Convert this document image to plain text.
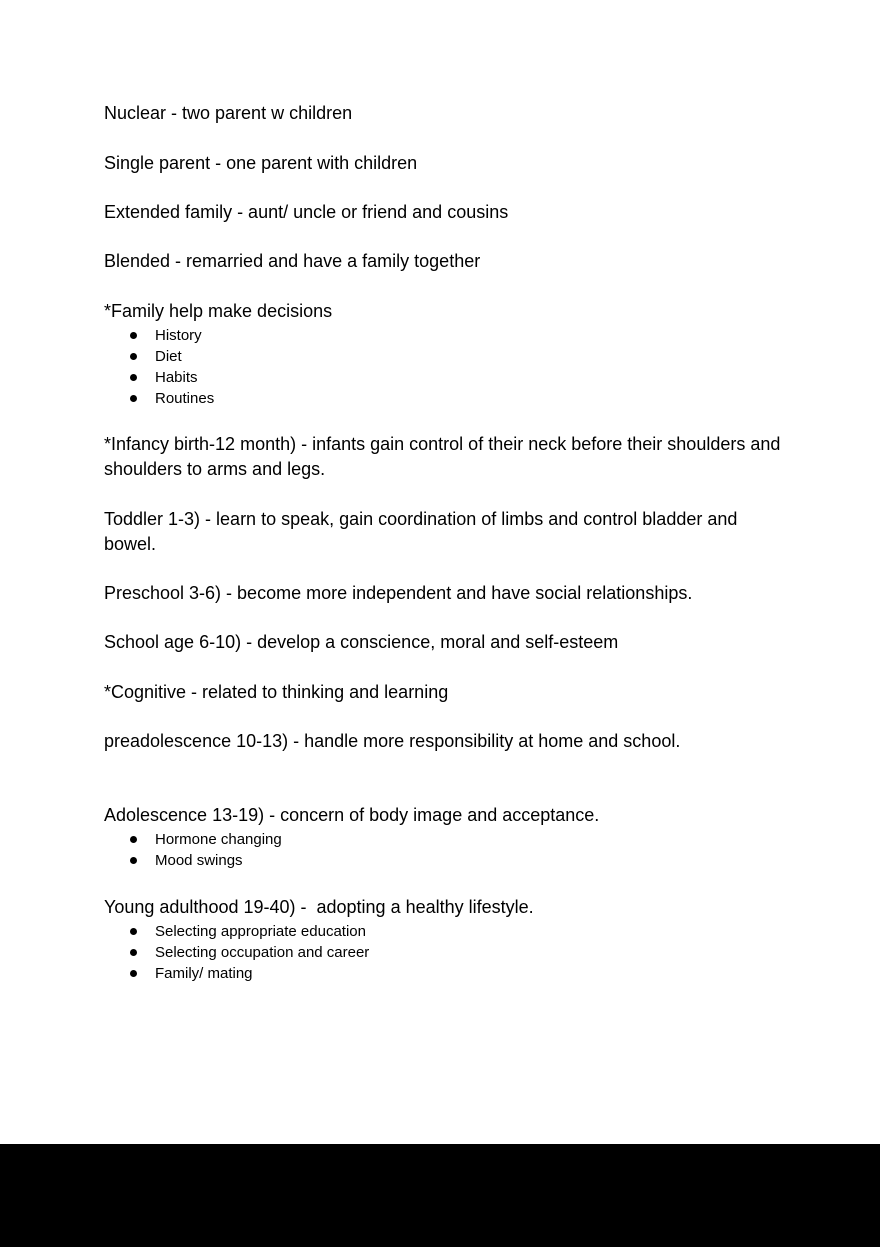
Nuclear - two parent w children
Single parent - one parent with children
Extended family - aunt/ uncle or friend and cousins
Blended - remarried and have a family together
*Family help make decisions
History
Diet
Habits
Routines
*Infancy birth-12 month) - infants gain control of their neck before their shoulders and shoulders to arms and legs.
Toddler 1-3) - learn to speak, gain coordination of limbs and control bladder and bowel.
Preschool 3-6) - become more independent and have social relationships.
School age 6-10) - develop a conscience, moral and self-esteem
*Cognitive - related to thinking and learning
preadolescence 10-13) - handle more responsibility at home and school.
Adolescence 13-19) - concern of body image and acceptance.
Hormone changing
Mood swings
Young adulthood 19-40) -  adopting a healthy lifestyle.
Selecting appropriate education
Selecting occupation and career
Family/ mating
